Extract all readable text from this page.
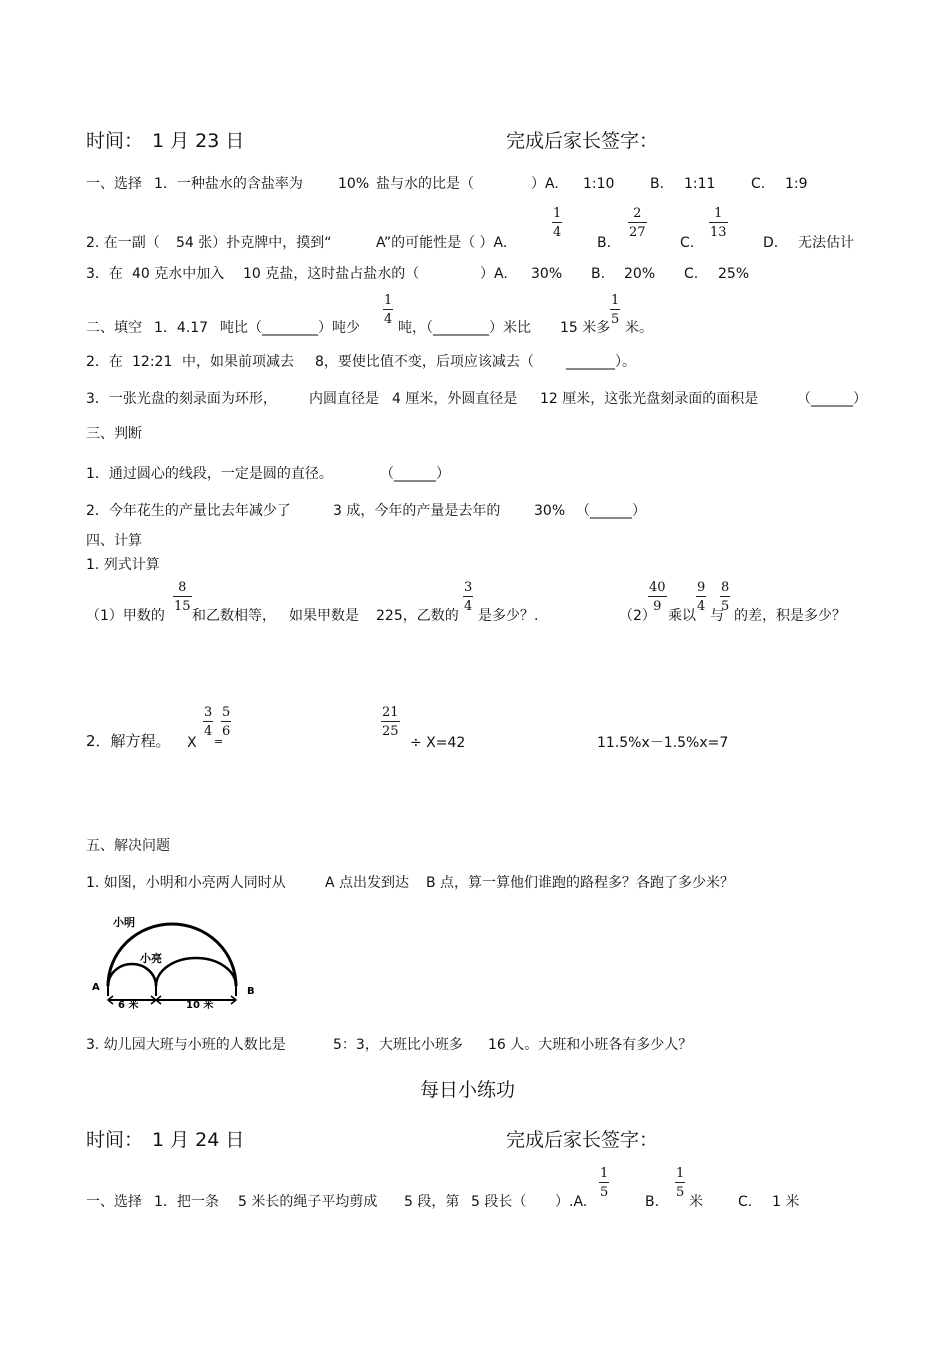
时间： 1 月 23 日	完成后家长签字：
一、选择 1．一种盐水的含盐率为	10% 盐与水的比是（	）A. 1:10	B. 1:11	C. 1:9
2. 在一副（ 54 张）扑克牌中，摸到“	A”的可能性是（ ）A.
1
4
B.
2
27
C.
1
13
D. 无法估计
3．在 40 克水中加入 10 克盐，这时盐占盐水的（	）A. 30% B. 20% C. 25%
二、填空 1．4.17 吨比（________）吨少
1
4
吨，（________）米比 15 米多
1
5
米。
2．在 12:21 中，如果前项减去 8，要使比值不变，后项应该减去（ _______）。
3．一张光盘的刻录面为环形， 内圆直径是 4 厘米，外圆直径是 12 厘米，这张光盘刻录面的面积是	（______）
三、判断
1．通过圆心的线段，一定是圆的直径。	（______）
2．今年花生的产量比去年减少了	3 成，今年的产量是去年的 30% （______）
四、计算
1. 列式计算
（1）甲数的
8
15
和乙数相等， 如果甲数是 225，乙数的
3
4
是多少？.	（2）
40
9
乘以
9
4
与
8
5
的差，积是多少？
2．解方程。 X
3
4
=
5
6
21
25
÷ X=42	11.5%x－1.5%x=7
五、解决问题
1. 如图，小明和小亮两人同时从	A 点出发到达 B 点，算一算他们谁跑的路程多？各跑了多少米？
小明
小亮
A	B
6 米	10 米
3. 幼儿园大班与小班的人数比是	5：3，大班比小班多 16 人。大班和小班各有多少人？
每日小练功
时间： 1 月 24 日	完成后家长签字：
一、选择 1．把一条 5 米长的绳子平均剪成 5 段，第 5 段长（ ）.A.
1
5
B.
1
5
米	C. 1 米
